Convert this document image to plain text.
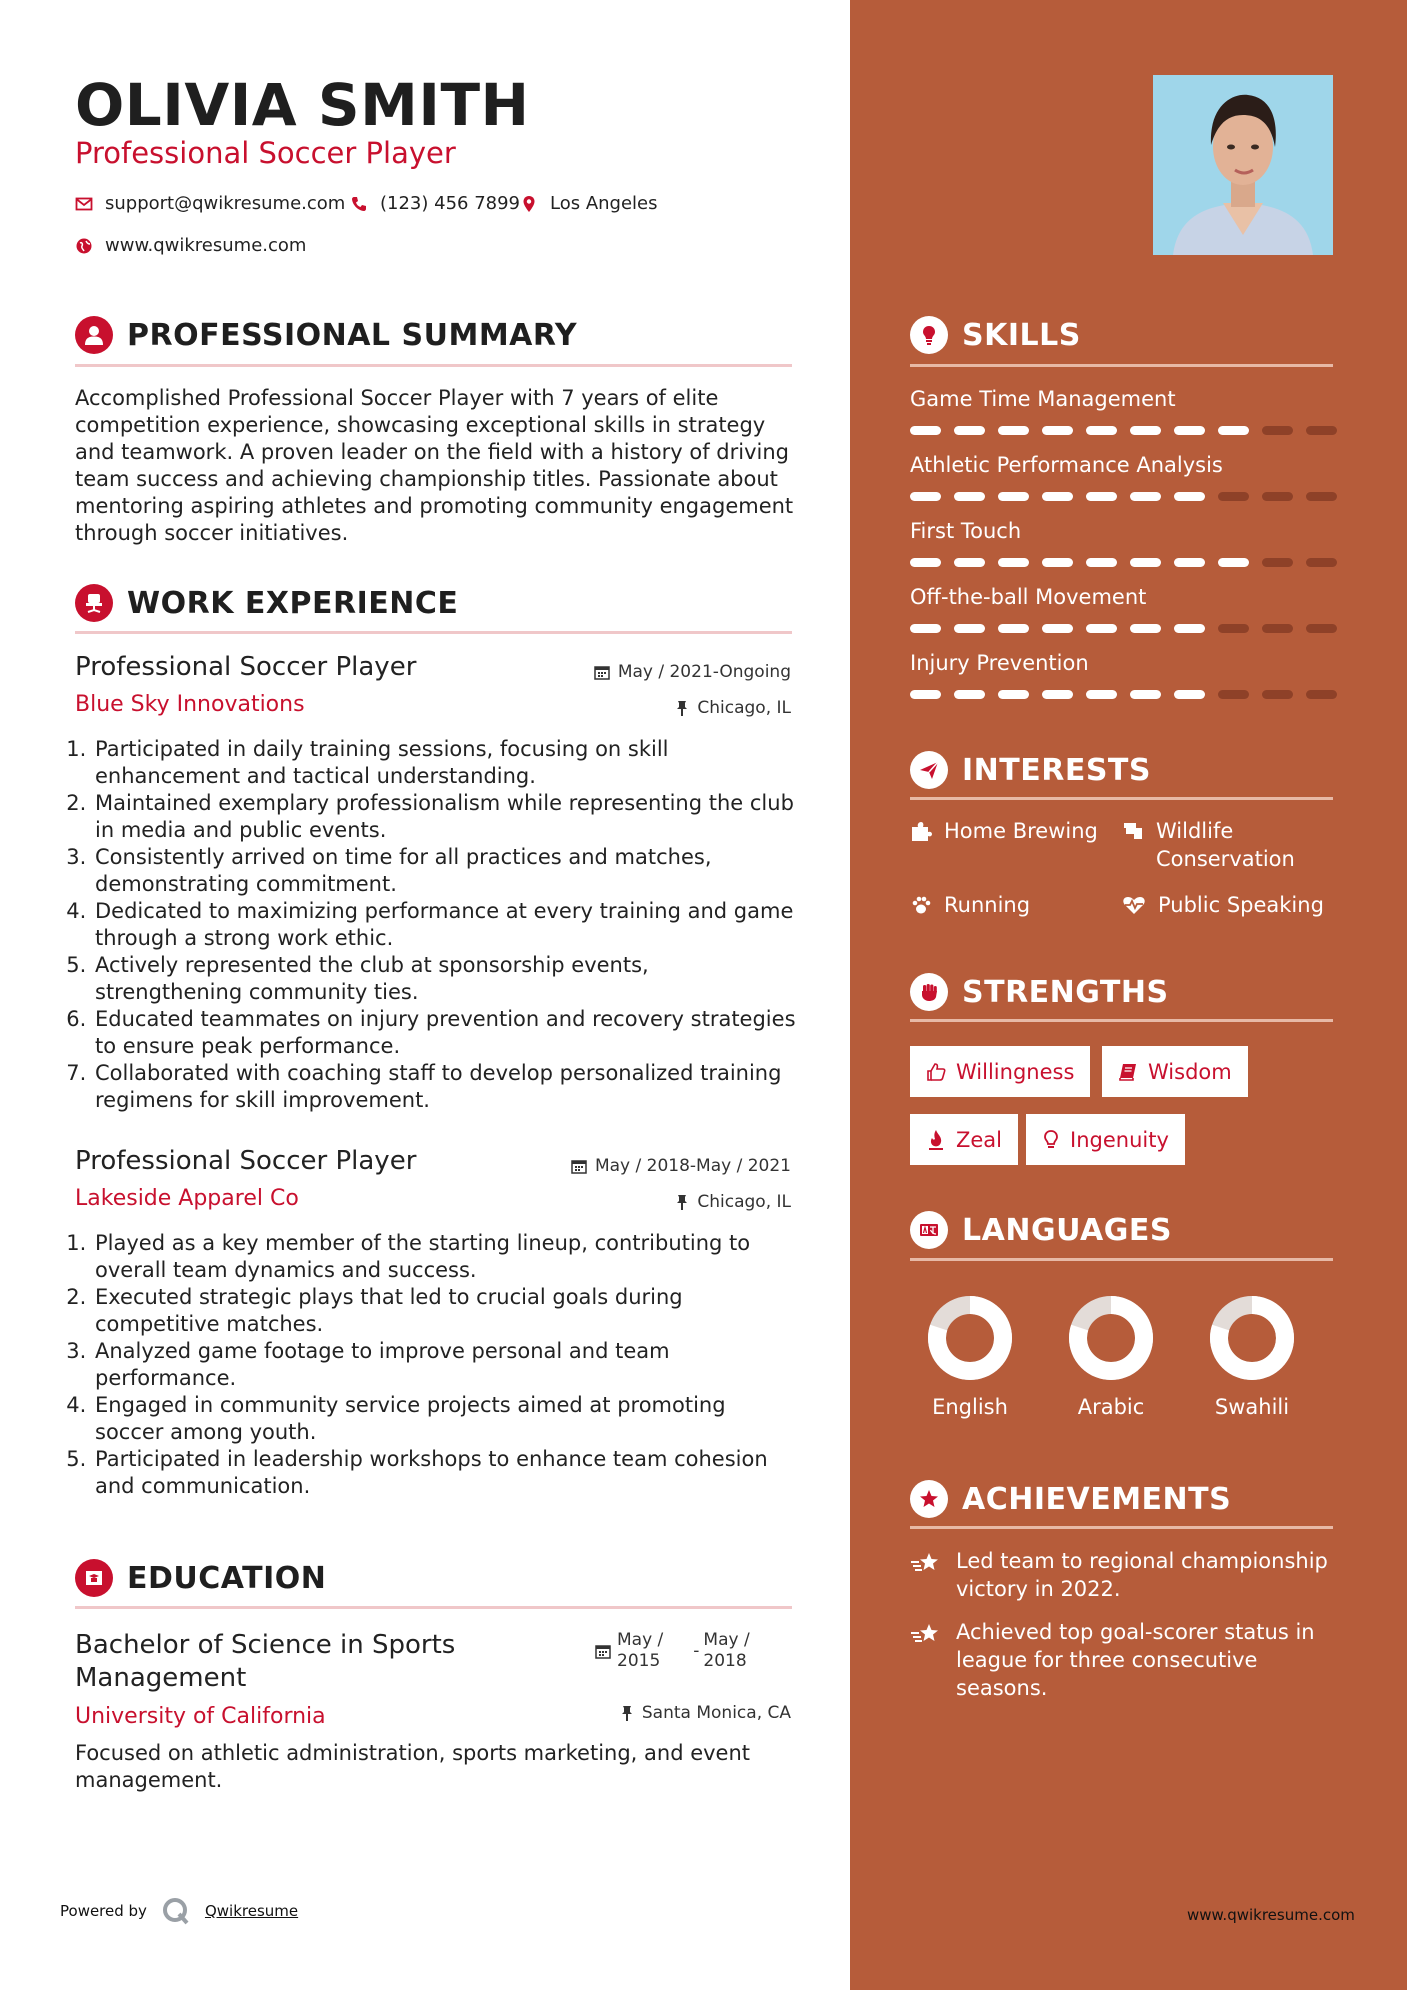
OLIVIA SMITH
Professional Soccer Player
support@qwikresume.com (123) 456 7899 Los Angeles
www.qwikresume.com
PROFESSIONAL SUMMARY
Accomplished Professional Soccer Player with 7 years of elite
competition experience, showcasing exceptional skills in strategy
and teamwork. A proven leader on the field with a history of driving
team success and achieving championship titles. Passionate about
mentoring aspiring athletes and promoting community engagement
through soccer initiatives.
WORK EXPERIENCE
Professional Soccer Player
Blue Sky Innovations
May / 2021-Ongoing
Chicago, IL
1. Participated in daily training sessions, focusing on skill enhancement and tactical understanding.
2. Maintained exemplary professionalism while representing the club in media and public events.
3. Consistently arrived on time for all practices and matches, demonstrating commitment.
4. Dedicated to maximizing performance at every training and game through a strong work ethic.
5. Actively represented the club at sponsorship events, strengthening community ties.
6. Educated teammates on injury prevention and recovery strategies to ensure peak performance.
7. Collaborated with coaching staff to develop personalized training regimens for skill improvement.
Professional Soccer Player
Lakeside Apparel Co
May / 2018-May / 2021
Chicago, IL
1. Played as a key member of the starting lineup, contributing to overall team dynamics and success.
2. Executed strategic plays that led to crucial goals during competitive matches.
3. Analyzed game footage to improve personal and team performance.
4. Engaged in community service projects aimed at promoting soccer among youth.
5. Participated in leadership workshops to enhance team cohesion and communication.
EDUCATION
Bachelor of Science in Sports
Management
University of California
May /
2015
-
May /
2018
Santa Monica, CA
Focused on athletic administration, sports marketing, and event
management.
Powered by	Qwikresume
SKILLS
Game Time Management
Athletic Performance Analysis
First Touch
Off-the-ball Movement
Injury Prevention
INTERESTS
Home Brewing	Wildlife
Conservation
Running	Public Speaking
STRENGTHS
Willingness	Wisdom
Zeal	Ingenuity
LANGUAGES
English	Arabic	Swahili
ACHIEVEMENTS
Led team to regional championship
victory in 2022.
Achieved top goal-scorer status in
league for three consecutive
seasons.
www.qwikresume.com
